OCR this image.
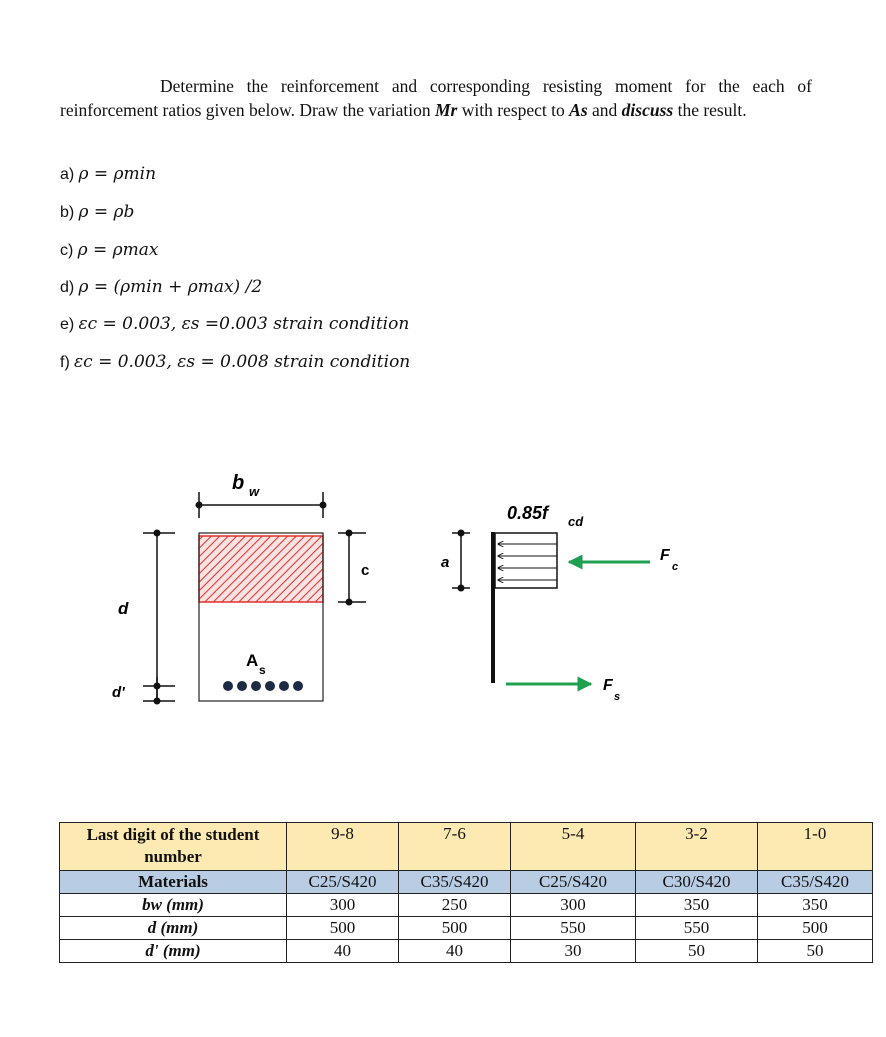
Determine the reinforcement and corresponding resisting moment for the each of reinforcement ratios given below. Draw the variation Mr with respect to As and discuss the result.
a) ρ = ρmin
b) ρ = ρb
c) ρ = ρmax
d) ρ = (ρmin + ρmax) /2
e) εc = 0.003, εs =0.003 strain condition
f) εc = 0.003, εs = 0.008 strain condition
b w
A s
c
d
d'
a
0.85f cd
F
c
F
s
Last digit of the student number	9-8	7-6	5-4	3-2	1-0
Materials	C25/S420	C35/S420	C25/S420	C30/S420	C35/S420
bw (mm)	300	250	300	350	350
d (mm)	500	500	550	550	500
d' (mm)	40	40	30	50	50
